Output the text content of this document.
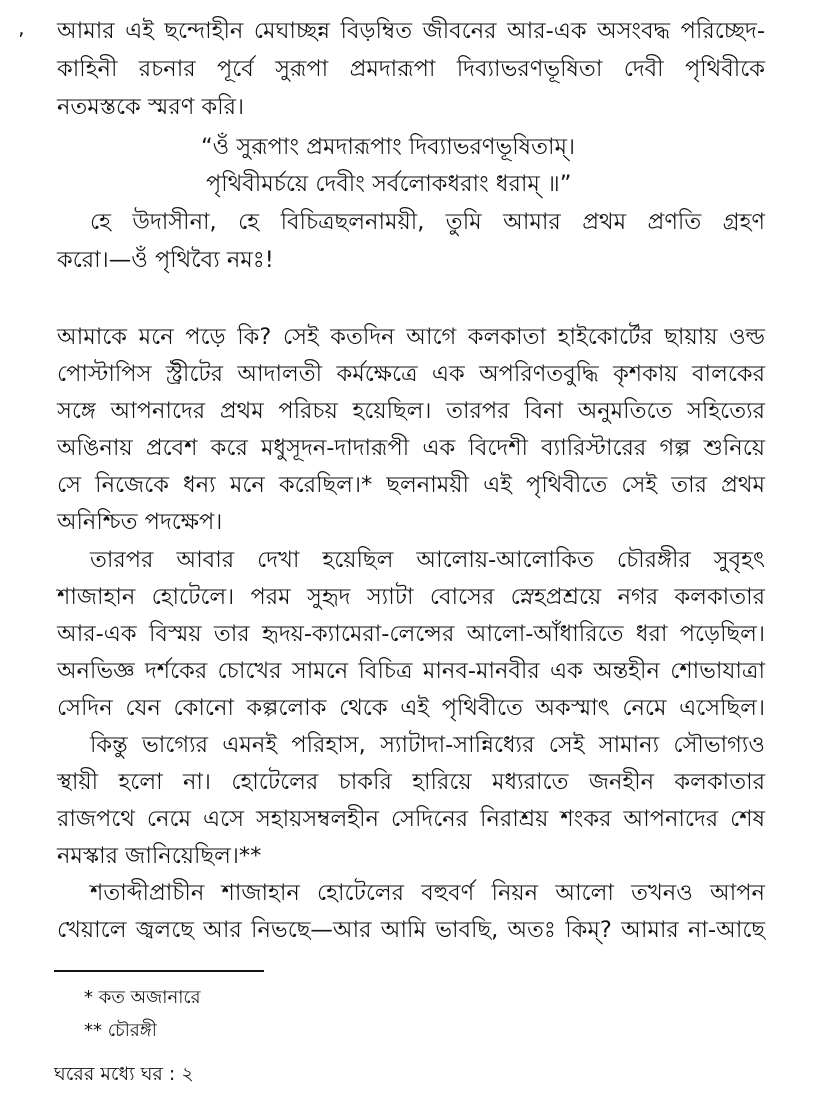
ʼ আমার এই ছন্দোহীন মেঘাচ্ছন্ন বিড়ম্বিত জীবনের আর-এক অসংবদ্ধ পরিচ্ছেদ-
কাহিনী রচনার পূর্বে সুরূপা প্রমদারূপা দিব্যাভরণভূষিতা দেবী পৃথিবীকে
নতমস্তকে স্মরণ করি।
“ওঁ সুরূপাং প্রমদারূপাং দিব্যাভরণভূষিতাম্।
পৃথিবীমর্চয়ে দেবীং সর্বলোকধরাং ধরাম্ ॥”
হে উদাসীনা, হে বিচিত্রছলনাময়ী, তুমি আমার প্রথম প্রণতি গ্রহণ
করো।—ওঁ পৃথিব্যৈ নমঃ!
আমাকে মনে পড়ে কি? সেই কতদিন আগে কলকাতা হাইকোর্টের ছায়ায় ওল্ড
পোস্টাপিস স্ট্রীটের আদালতী কর্মক্ষেত্রে এক অপরিণতবুদ্ধি কৃশকায় বালকের
সঙ্গে আপনাদের প্রথম পরিচয় হয়েছিল। তারপর বিনা অনুমতিতে সহিত্যের
অঙিনায় প্রবেশ করে মধুসূদন-দাদারূপী এক বিদেশী ব্যারিস্টারের গল্প শুনিয়ে
সে নিজেকে ধন্য মনে করেছিল।* ছলনাময়ী এই পৃথিবীতে সেই তার প্রথম
অনিশ্চিত পদক্ষেপ।
তারপর আবার দেখা হয়েছিল আলোয়-আলোকিত চৌরঙ্গীর সুবৃহৎ
শাজাহান হোটেলে। পরম সুহৃদ স্যাটা বোসের স্নেহপ্রশ্রয়ে নগর কলকাতার
আর-এক বিস্ময় তার হৃদয়-ক্যামেরা-লেন্সের আলো-আঁধারিতে ধরা পড়েছিল।
অনভিজ্ঞ দর্শকের চোখের সামনে বিচিত্র মানব-মানবীর এক অন্তহীন শোভাযাত্রা
সেদিন যেন কোনো কল্পলোক থেকে এই পৃথিবীতে অকস্মাৎ নেমে এসেছিল।
কিন্তু ভাগ্যের এমনই পরিহাস, স্যাটাদা-সান্নিধ্যের সেই সামান্য সৌভাগ্যও
স্থায়ী হলো না। হোটেলের চাকরি হারিয়ে মধ্যরাতে জনহীন কলকাতার
রাজপথে নেমে এসে সহায়সম্বলহীন সেদিনের নিরাশ্রয় শংকর আপনাদের শেষ
নমস্কার জানিয়েছিল।**
শতাব্দীপ্রাচীন শাজাহান হোটেলের বহুবর্ণ নিয়ন আলো তখনও আপন
খেয়ালে জ্বলছে আর নিভছে—আর আমি ভাবছি, অতঃ কিম্? আমার না-আছে
* কত অজানারে
** চৌরঙ্গী
ঘরের মধ্যে ঘর : ২
